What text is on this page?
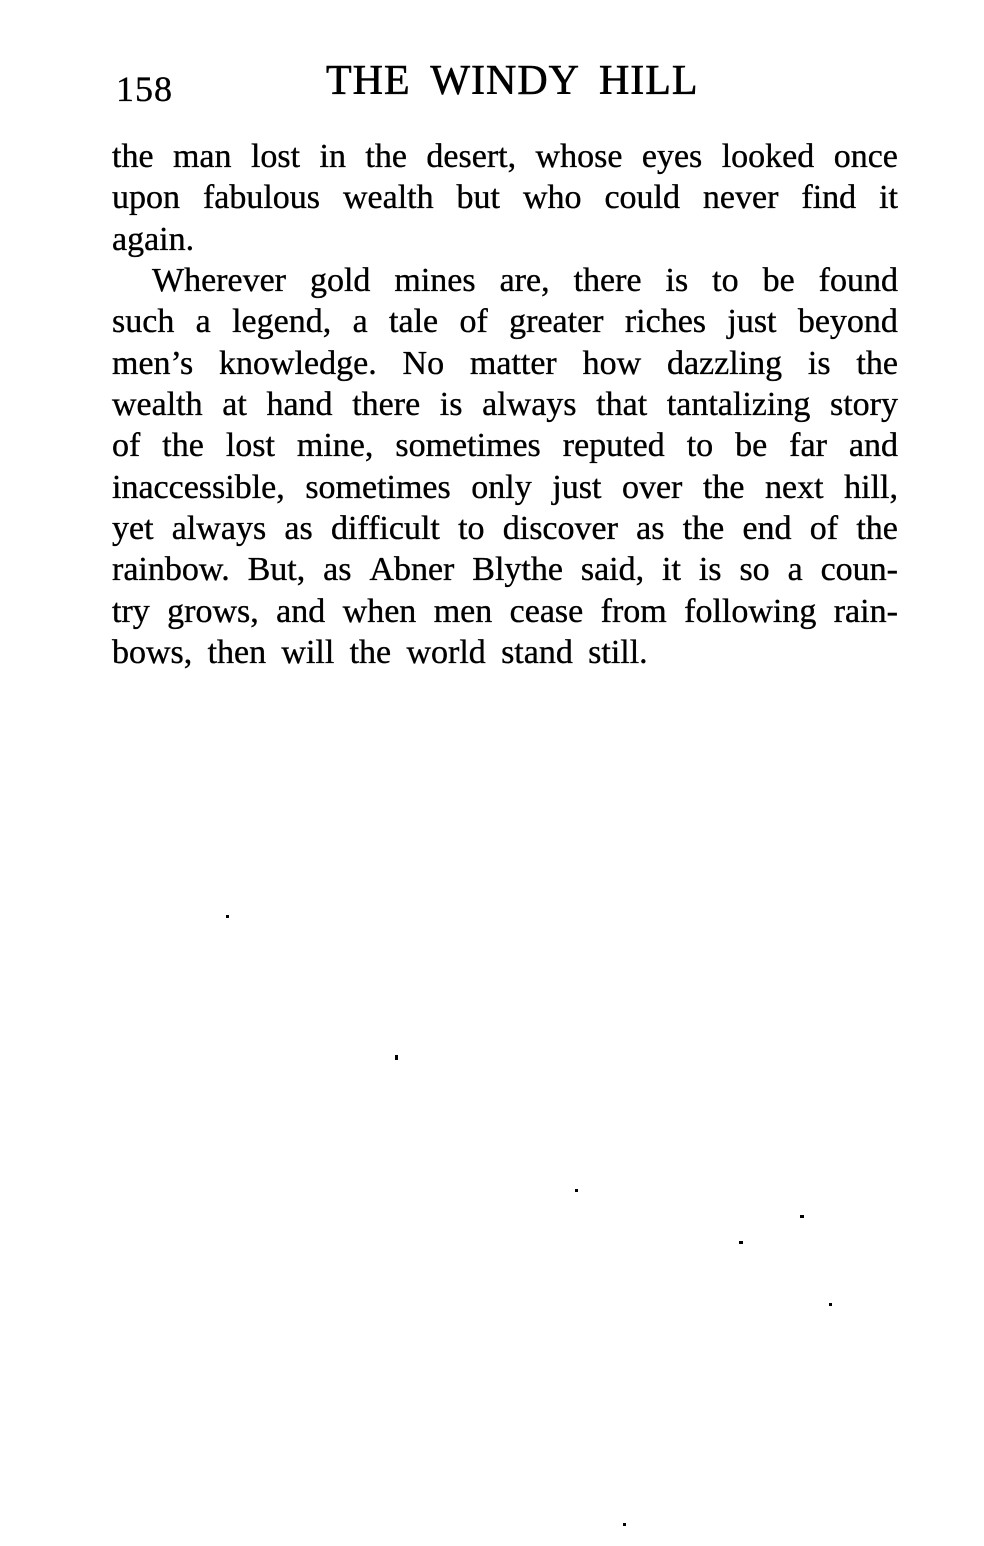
158	THE WINDY HILL
the man lost in the desert, whose eyes looked once
upon fabulous wealth but who could never find it
again.
Wherever gold mines are, there is to be found
such a legend, a tale of greater riches just beyond
men’s knowledge. No matter how dazzling is the
wealth at hand there is always that tantalizing story
of the lost mine, sometimes reputed to be far and
inaccessible, sometimes only just over the next hill,
yet always as difficult to discover as the end of the
rainbow. But, as Abner Blythe said, it is so a coun-
try grows, and when men cease from following rain-
bows, then will the world stand still.
